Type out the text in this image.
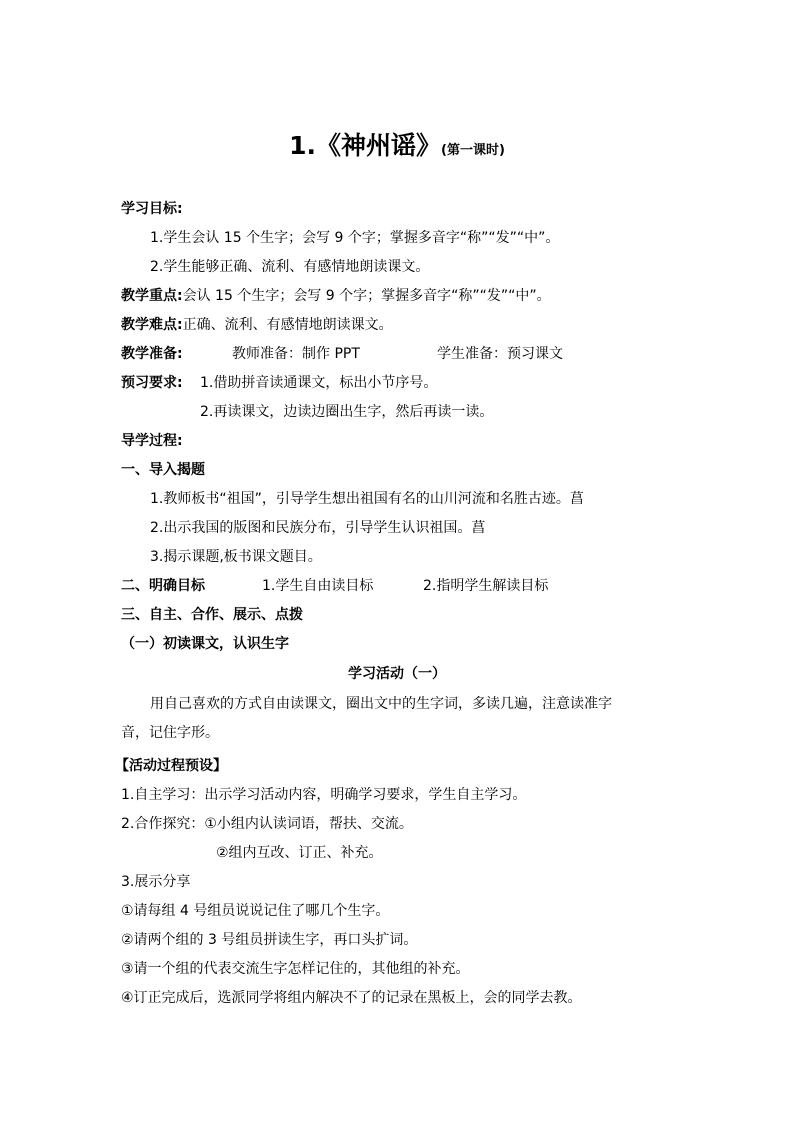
1.《神州谣》(第一课时)
学习目标:
1.学生会认 15 个生字；会写 9 个字；掌握多音字“称”“发”“中”。
2.学生能够正确、流利、有感情地朗读课文。
教学重点:会认 15 个生字；会写 9 个字；掌握多音字“称”“发”“中”。
教学难点:正确、流利、有感情地朗读课文。
教学准备:	教师准备：制作 PPT	学生准备：预习课文
预习要求: 1.借助拼音读通课文，标出小节序号。
2.再读课文，边读边圈出生字，然后再读一读。
导学过程:
一、导入揭题
1.教师板书“祖国”，引导学生想出祖国有名的山川河流和名胜古迹。菖
2.出示我国的版图和民族分布，引导学生认识祖国。菖
3.揭示课题,板书课文题目。
二、明确目标	1.学生自由读目标	2.指明学生解读目标
三、自主、合作、展示、点拨
（一）初读课文，认识生字
学习活动（一）
用自己喜欢的方式自由读课文，圈出文中的生字词，多读几遍，注意读准字
音，记住字形。
【活动过程预设】
1.自主学习：出示学习活动内容，明确学习要求，学生自主学习。
2.合作探究：①小组内认读词语，帮扶、交流。
②组内互改、订正、补充。
3.展示分享
①请每组 4 号组员说说记住了哪几个生字。
②请两个组的 3 号组员拼读生字，再口头扩词。
③请一个组的代表交流生字怎样记住的，其他组的补充。
④订正完成后，选派同学将组内解决不了的记录在黑板上，会的同学去教。
